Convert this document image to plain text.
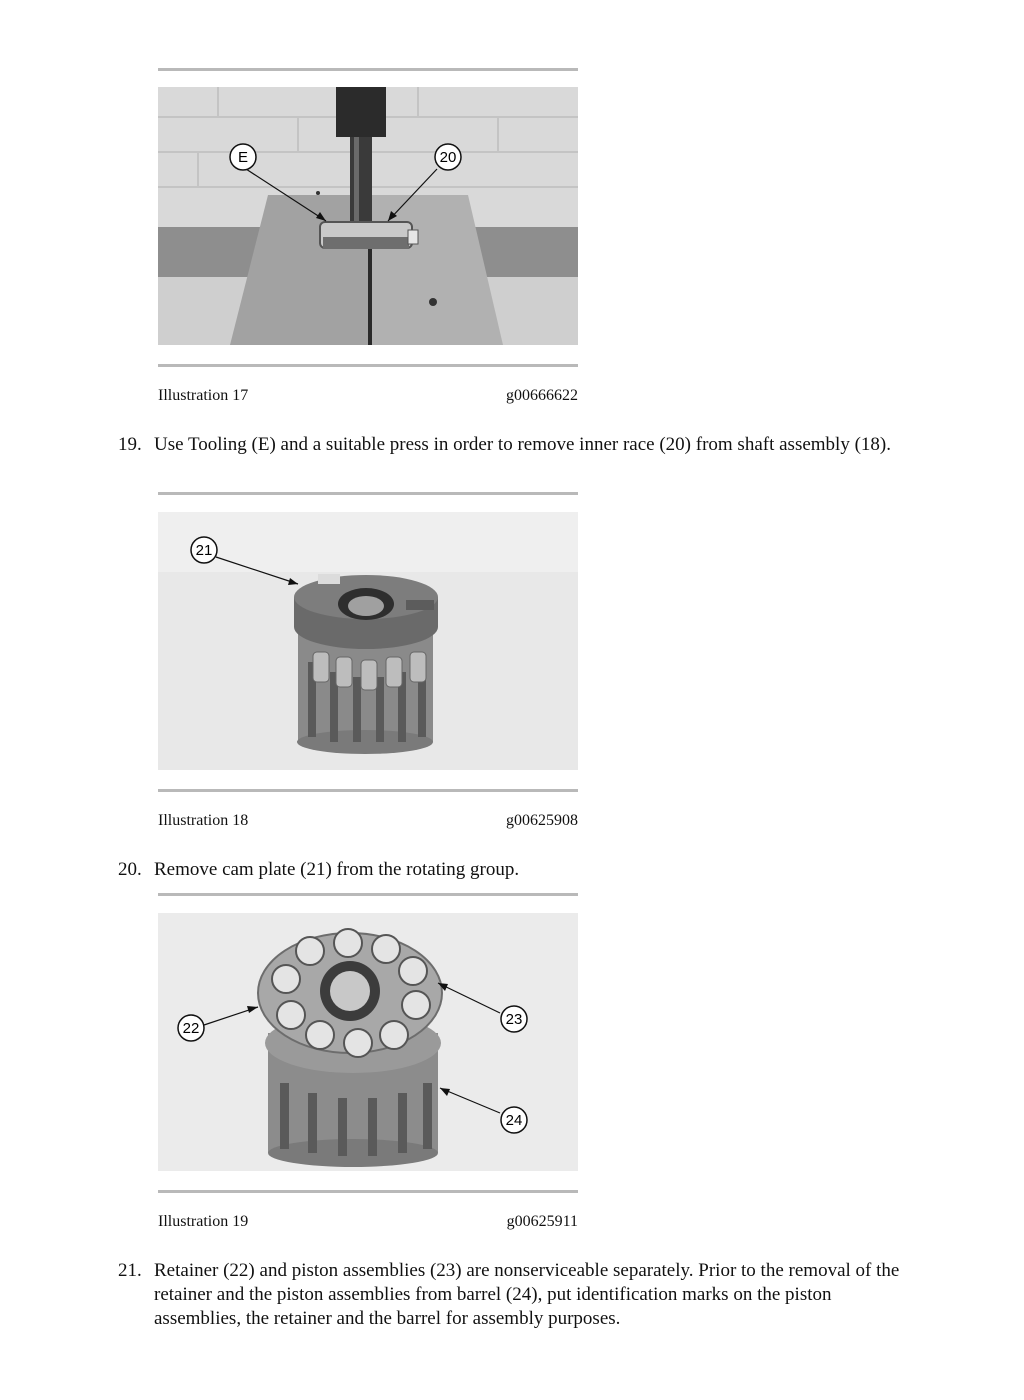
E	20
Illustration 17	g00666622
19. Use Tooling (E) and a suitable press in order to remove inner race (20) from shaft assembly (18).
21
Illustration 18	g00625908
20. Remove cam plate (21) from the rotating group.
22
23
24
Illustration 19	g00625911
21. Retainer (22) and piston assemblies (23) are nonserviceable separately. Prior to the removal of the retainer and the piston assemblies from barrel (24), put identification marks on the piston assemblies, the retainer and the barrel for assembly purposes.
